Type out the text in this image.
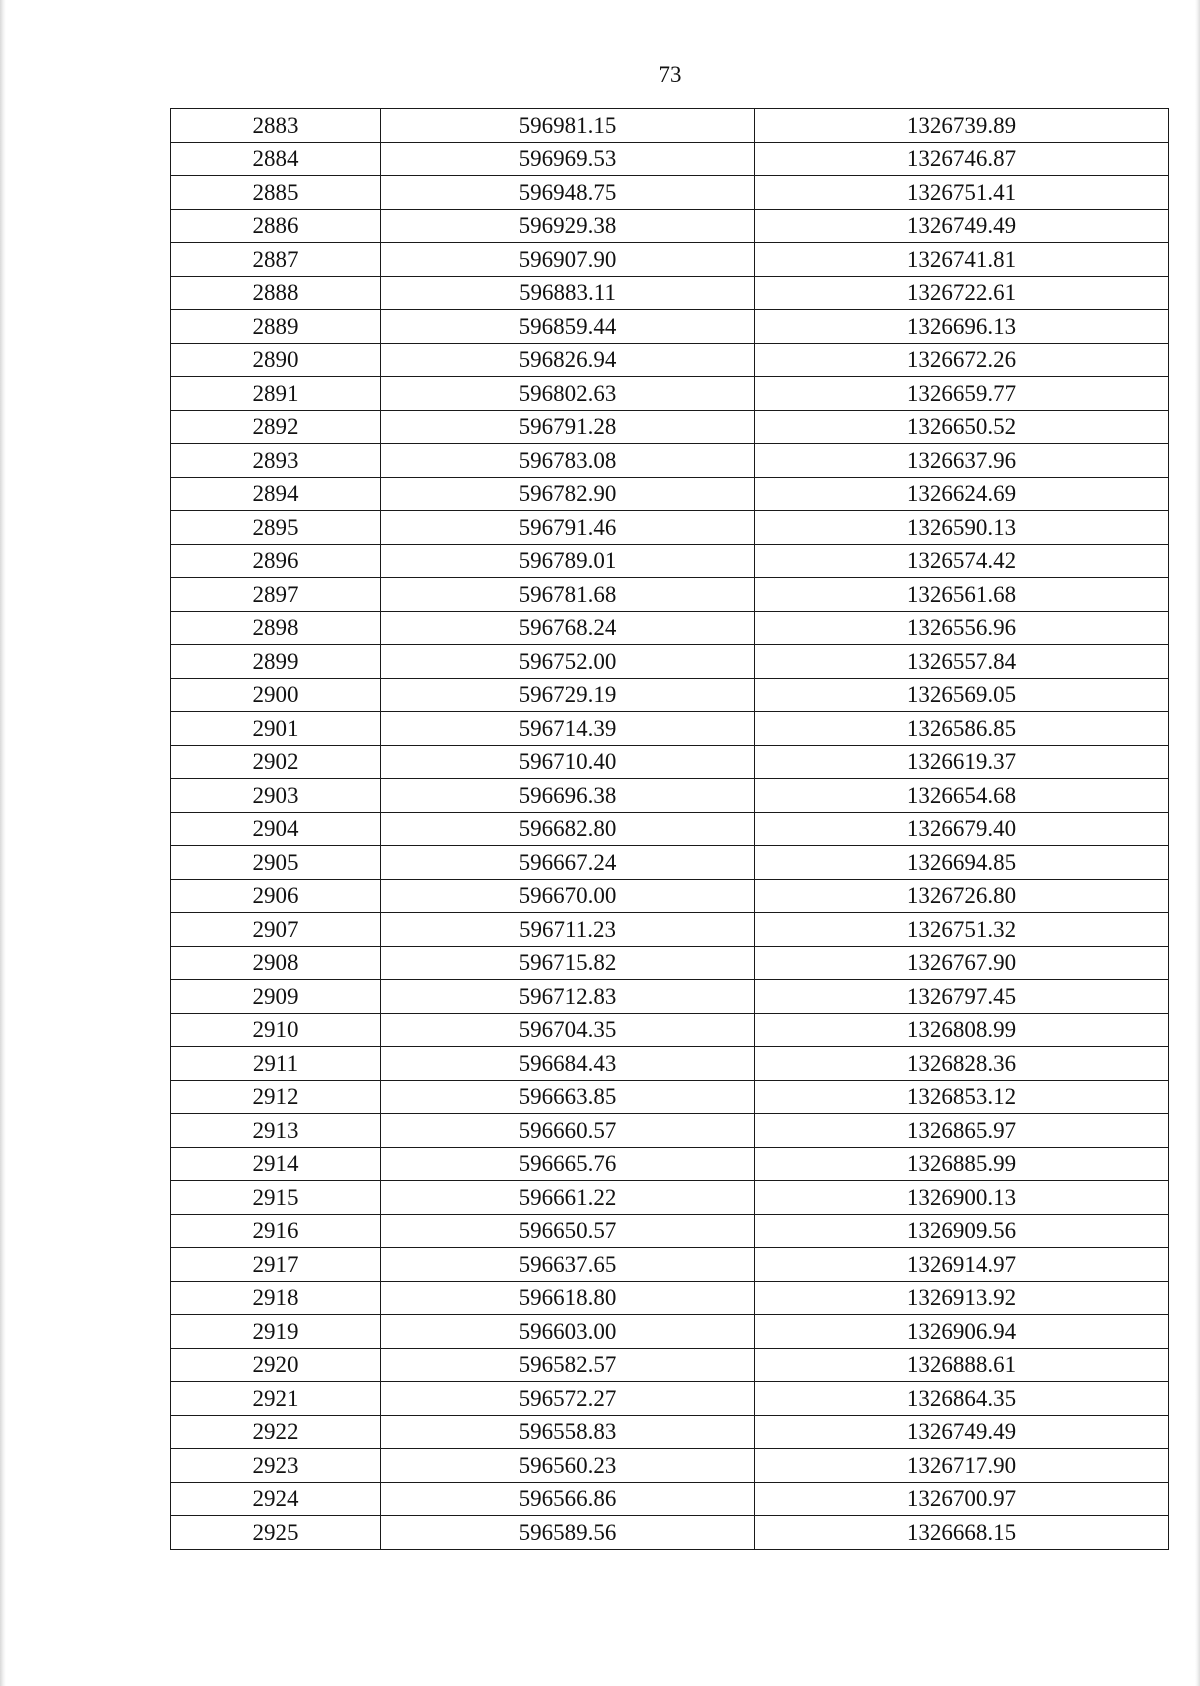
73
2883	596981.15	1326739.89
2884	596969.53	1326746.87
2885	596948.75	1326751.41
2886	596929.38	1326749.49
2887	596907.90	1326741.81
2888	596883.11	1326722.61
2889	596859.44	1326696.13
2890	596826.94	1326672.26
2891	596802.63	1326659.77
2892	596791.28	1326650.52
2893	596783.08	1326637.96
2894	596782.90	1326624.69
2895	596791.46	1326590.13
2896	596789.01	1326574.42
2897	596781.68	1326561.68
2898	596768.24	1326556.96
2899	596752.00	1326557.84
2900	596729.19	1326569.05
2901	596714.39	1326586.85
2902	596710.40	1326619.37
2903	596696.38	1326654.68
2904	596682.80	1326679.40
2905	596667.24	1326694.85
2906	596670.00	1326726.80
2907	596711.23	1326751.32
2908	596715.82	1326767.90
2909	596712.83	1326797.45
2910	596704.35	1326808.99
2911	596684.43	1326828.36
2912	596663.85	1326853.12
2913	596660.57	1326865.97
2914	596665.76	1326885.99
2915	596661.22	1326900.13
2916	596650.57	1326909.56
2917	596637.65	1326914.97
2918	596618.80	1326913.92
2919	596603.00	1326906.94
2920	596582.57	1326888.61
2921	596572.27	1326864.35
2922	596558.83	1326749.49
2923	596560.23	1326717.90
2924	596566.86	1326700.97
2925	596589.56	1326668.15
